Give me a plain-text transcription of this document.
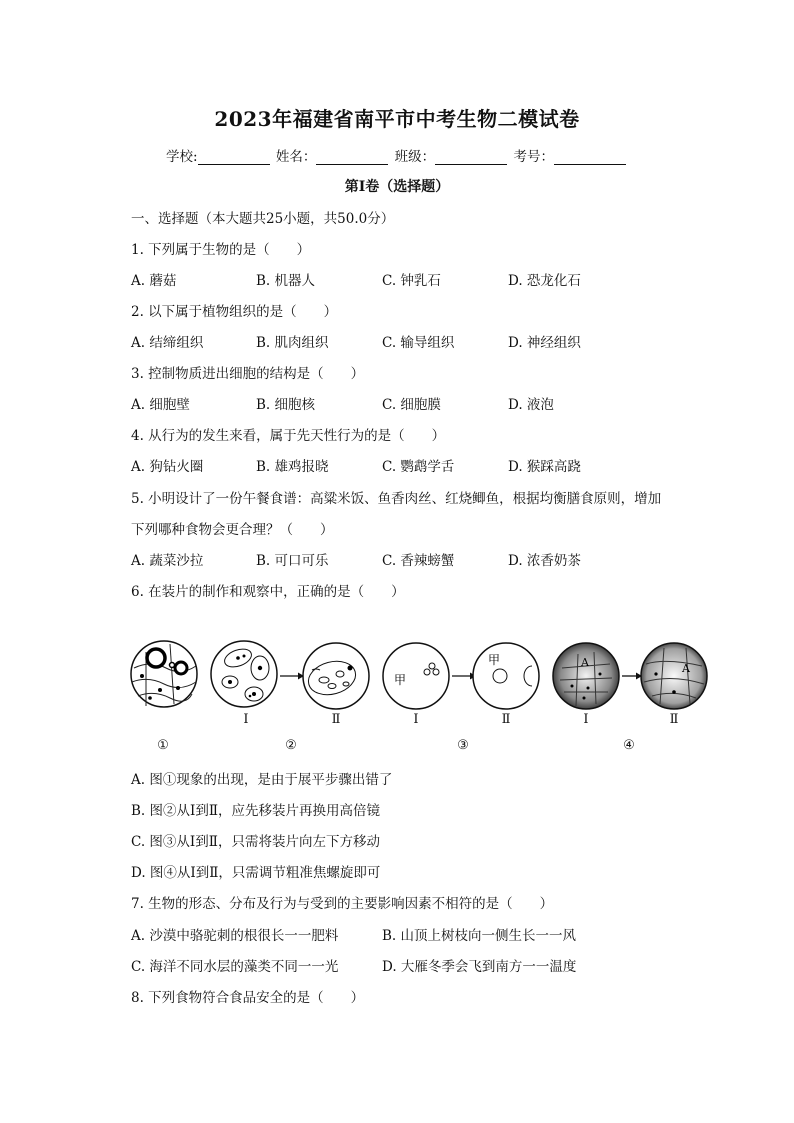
2023年福建省南平市中考生物二模试卷
学校:	姓名：	班级：	考号：
第I卷（选择题）
一、选择题（本大题共25小题，共50.0分）
1. 下列属于生物的是（　　）
A. 蘑菇	B. 机器人	C. 钟乳石	D. 恐龙化石
2. 以下属于植物组织的是（　　）
A. 结缔组织	B. 肌肉组织	C. 输导组织	D. 神经组织
3. 控制物质进出细胞的结构是（　　）
A. 细胞壁	B. 细胞核	C. 细胞膜	D. 液泡
4. 从行为的发生来看，属于先天性行为的是（　　）
A. 狗钻火圈	B. 雄鸡报晓	C. 鹦鹉学舌	D. 猴踩高跷
5. 小明设计了一份午餐食谱：高粱米饭、鱼香肉丝、红烧鲫鱼，根据均衡膳食原则，增加
下列哪种食物会更合理？（　　）
A. 蔬菜沙拉	B. 可口可乐	C. 香辣螃蟹	D. 浓香奶茶
6. 在装片的制作和观察中，正确的是（　　）
甲
甲	A	A
Ⅰ	Ⅱ	Ⅰ	Ⅱ	Ⅰ	Ⅱ
①	②	③	④
A. 图①现象的出现，是由于展平步骤出错了
B. 图②从Ⅰ到Ⅱ，应先移装片再换用高倍镜
C. 图③从Ⅰ到Ⅱ，只需将装片向左下方移动
D. 图④从Ⅰ到Ⅱ，只需调节粗准焦螺旋即可
7. 生物的形态、分布及行为与受到的主要影响因素不相符的是（　　）
A. 沙漠中骆驼刺的根很长一一肥料	B. 山顶上树枝向一侧生长一一风
C. 海洋不同水层的藻类不同一一光	D. 大雁冬季会飞到南方一一温度
8. 下列食物符合食品安全的是（　　）
